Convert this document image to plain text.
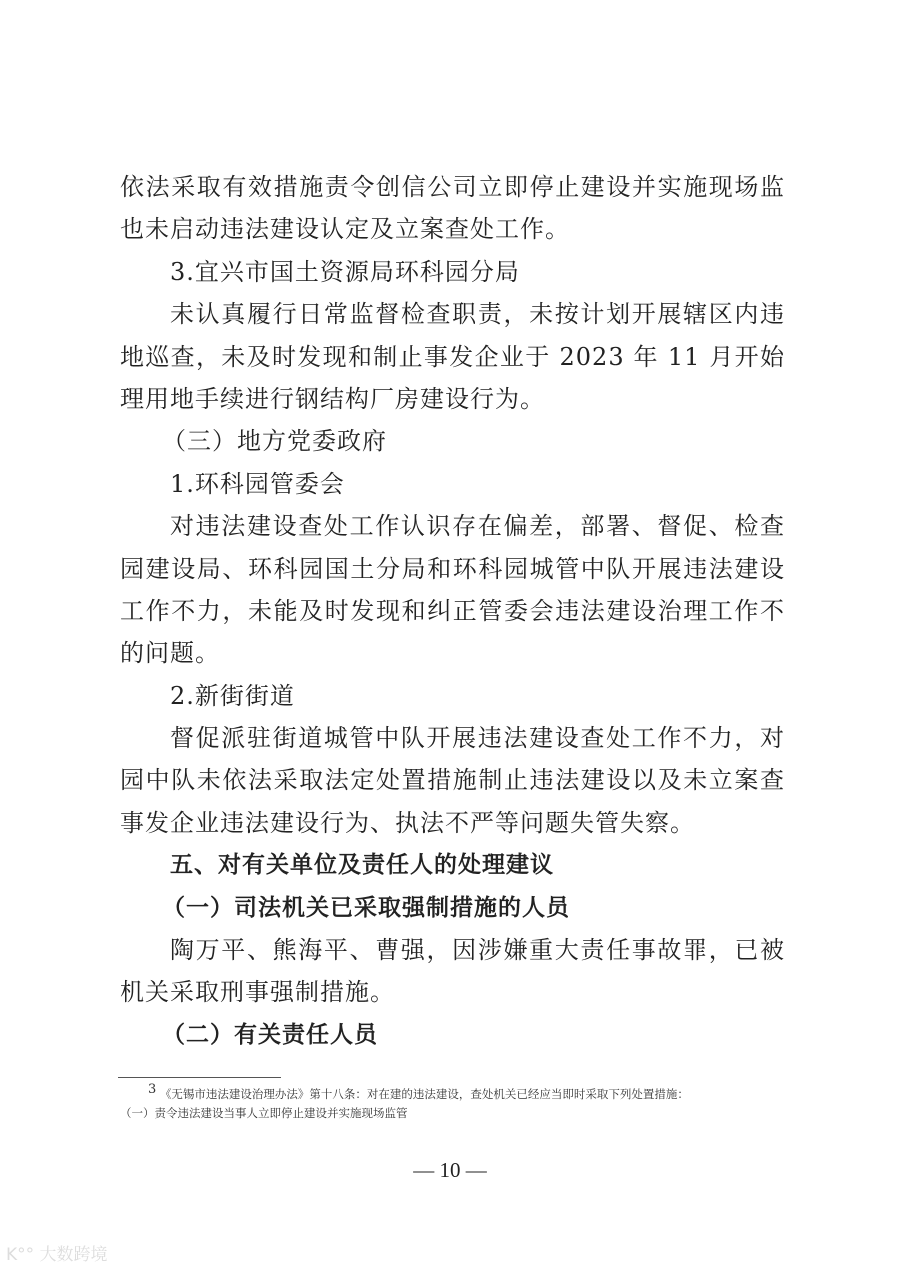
依法采取有效措施责令创信公司立即停止建设并实施现场监
也未启动违法建设认定及立案查处工作。
3.宜兴市国土资源局环科园分局
未认真履行日常监督检查职责，未按计划开展辖区内违
地巡查，未及时发现和制止事发企业于 2023 年 11 月开始
理用地手续进行钢结构厂房建设行为。
（三）地方党委政府
1.环科园管委会
对违法建设查处工作认识存在偏差，部署、督促、检查
园建设局、环科园国土分局和环科园城管中队开展违法建设
工作不力，未能及时发现和纠正管委会违法建设治理工作不
的问题。
2.新街街道
督促派驻街道城管中队开展违法建设查处工作不力，对
园中队未依法采取法定处置措施制止违法建设以及未立案查
事发企业违法建设行为、执法不严等问题失管失察。
五、对有关单位及责任人的处理建议
（一）司法机关已采取强制措施的人员
陶万平、熊海平、曹强，因涉嫌重大责任事故罪，已被
机关采取刑事强制措施。
（二）有关责任人员
$^3$ 《无锡市违法建设治理办法》第十八条：对在建的违法建设，查处机关已经应当即时采取下列处置措施：
（一）责令违法建设当事人立即停止建设并实施现场监管
— 10 —
K°° 大数跨境
